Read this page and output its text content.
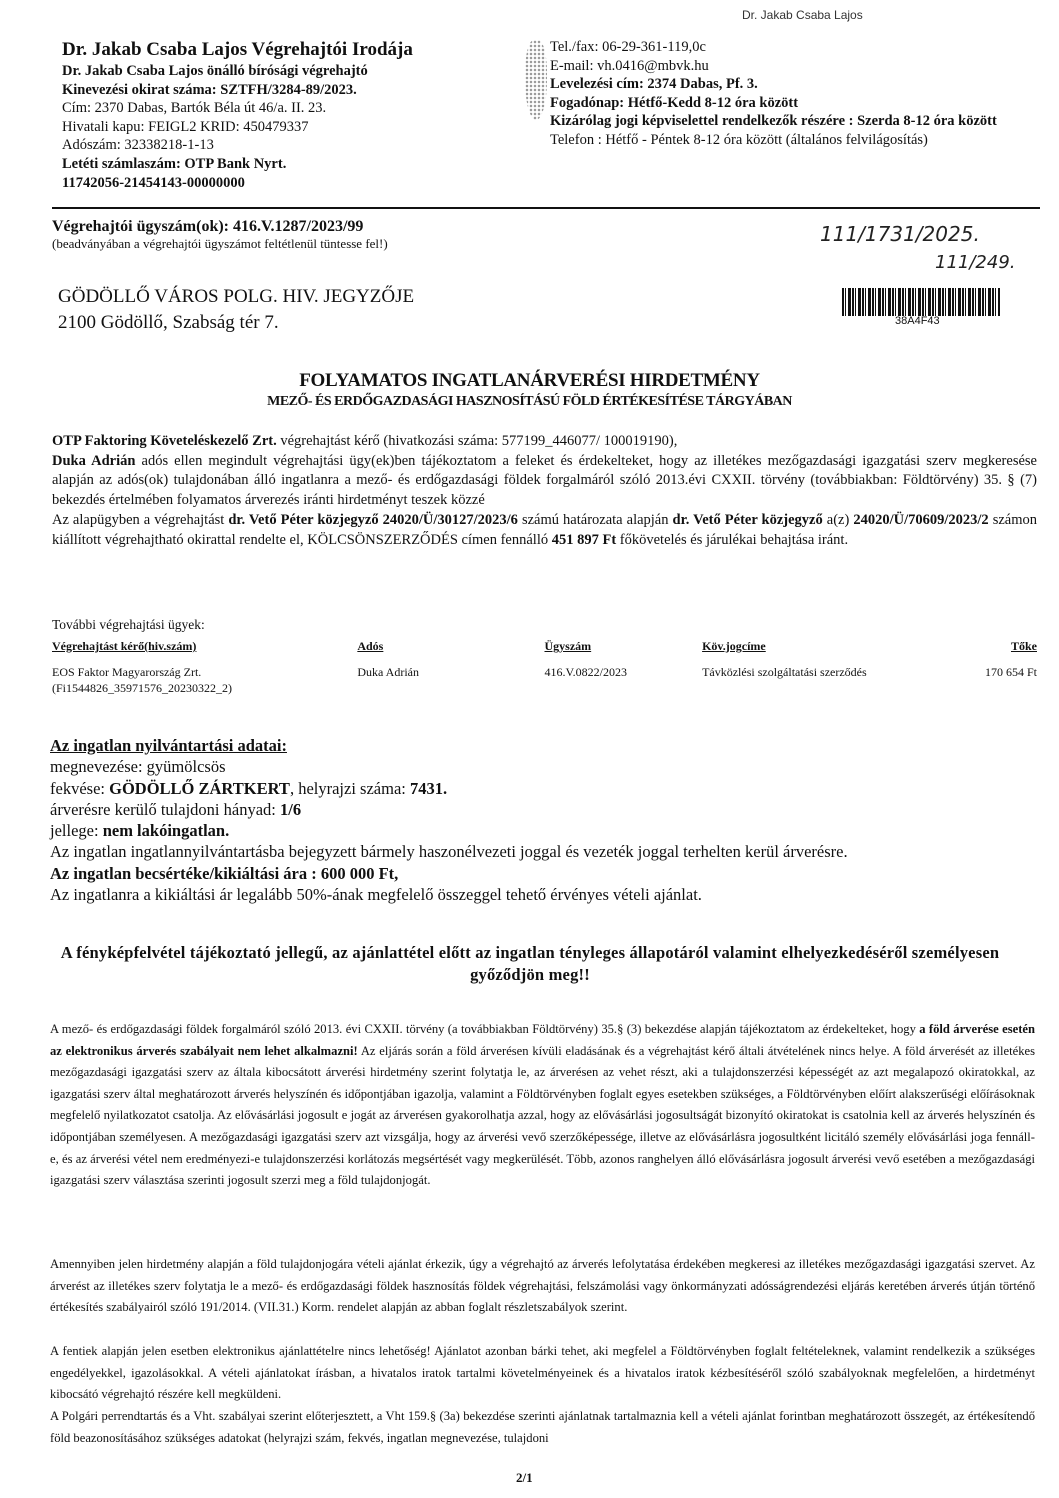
Dr. Jakab Csaba Lajos
Dr. Jakab Csaba Lajos Végrehajtói Irodája
Dr. Jakab Csaba Lajos önálló bírósági végrehajtó
Kinevezési okirat száma: SZTFH/3284-89/2023.
Cím: 2370 Dabas, Bartók Béla út 46/a. II. 23.
Hivatali kapu: FEIGL2 KRID: 450479337
Adószám: 32338218-1-13
Letéti számlaszám: OTP Bank Nyrt.
11742056-21454143-00000000
Tel./fax: 06-29-361-119,0c
E-mail: vh.0416@mbvk.hu
Levelezési cím: 2374 Dabas, Pf. 3.
Fogadónap: Hétfő-Kedd 8-12 óra között
Kizárólag jogi képviselettel rendelkezők részére : Szerda 8-12 óra között
Telefon : Hétfő - Péntek 8-12 óra között (általános felvilágosítás)
Végrehajtói ügyszám(ok): 416.V.1287/2023/99
(beadványában a végrehajtói ügyszámot feltétlenül tüntesse fel!)	111/1731/2025.
111/249.
38A4F43
GÖDÖLLŐ VÁROS POLG. HIV. JEGYZŐJE
2100 Gödöllő, Szabság tér 7.
FOLYAMATOS INGATLANÁRVERÉSI HIRDETMÉNY
MEZŐ- ÉS ERDŐGAZDASÁGI HASZNOSÍTÁSÚ FÖLD ÉRTÉKESÍTÉSE TÁRGYÁBAN
OTP Faktoring Követeléskezelő Zrt. végrehajtást kérő (hivatkozási száma: 577199_446077/ 100019190),
Duka Adrián adós ellen megindult végrehajtási ügy(ek)ben tájékoztatom a feleket és érdekelteket, hogy az illetékes mezőgazdasági igazgatási szerv megkeresése alapján az adós(ok) tulajdonában álló ingatlanra a mező- és erdőgazdasági földek forgalmáról szóló 2013.évi CXXII. törvény (továbbiakban: Földtörvény) 35. § (7) bekezdés értelmében folyamatos árverezés iránti hirdetményt teszek közzé
Az alapügyben a végrehajtást dr. Vető Péter közjegyző 24020/Ü/30127/2023/6 számú határozata alapján dr. Vető Péter közjegyző a(z) 24020/Ü/70609/2023/2 számon kiállított végrehajtható okirattal rendelte el, KÖLCSÖNSZERZŐDÉS címen fennálló 451 897 Ft főkövetelés és járulékai behajtása iránt.
További végrehajtási ügyek:
Végrehajtást kérő(hiv.szám)	Adós	Ügyszám	Köv.jogcíme	Tőke

EOS Faktor Magyarország Zrt.
(Fi1544826_35971576_20230322_2)	Duka Adrián	416.V.0822/2023	Távközlési szolgáltatási szerződés	170 654 Ft
Az ingatlan nyilvántartási adatai:
megnevezése: gyümölcsös
fekvése: GÖDÖLLŐ ZÁRTKERT, helyrajzi száma: 7431.
árverésre kerülő tulajdoni hányad: 1/6
jellege: nem lakóingatlan.
Az ingatlan ingatlannyilvántartásba bejegyzett bármely haszonélvezeti joggal és vezeték joggal terhelten kerül árverésre.
Az ingatlan becsértéke/kikiáltási ára : 600 000 Ft,
Az ingatlanra a kikiáltási ár legalább 50%-ának megfelelő összeggel tehető érvényes vételi ajánlat.
A fényképfelvétel tájékoztató jellegű, az ajánlattétel előtt az ingatlan tényleges állapotáról valamint elhelyezkedéséről személyesen győződjön meg!!
A mező- és erdőgazdasági földek forgalmáról szóló 2013. évi CXXII. törvény (a továbbiakban Földtörvény) 35.§ (3) bekezdése alapján tájékoztatom az érdekelteket, hogy a föld árverése esetén az elektronikus árverés szabályait nem lehet alkalmazni! Az eljárás során a föld árverésen kívüli eladásának és a végrehajtást kérő általi átvételének nincs helye. A föld árverését az illetékes mezőgazdasági igazgatási szerv az általa kibocsátott árverési hirdetmény szerint folytatja le, az árverésen az vehet részt, aki a tulajdonszerzési képességét az azt megalapozó okiratokkal, az igazgatási szerv által meghatározott árverés helyszínén és időpontjában igazolja, valamint a Földtörvényben foglalt egyes esetekben szükséges, a Földtörvényben előírt alakszerűségi előírásoknak megfelelő nyilatkozatot csatolja. Az elővásárlási jogosult e jogát az árverésen gyakorolhatja azzal, hogy az elővásárlási jogosultságát bizonyító okiratokat is csatolnia kell az árverés helyszínén és időpontjában személyesen. A mezőgazdasági igazgatási szerv azt vizsgálja, hogy az árverési vevő szerzőképessége, illetve az elővásárlásra jogosultként licitáló személy elővásárlási joga fennáll-e, és az árverési vétel nem eredményezi-e tulajdonszerzési korlátozás megsértését vagy megkerülését. Több, azonos ranghelyen álló elővásárlásra jogosult árverési vevő esetében a mezőgazdasági igazgatási szerv választása szerinti jogosult szerzi meg a föld tulajdonjogát.
Amennyiben jelen hirdetmény alapján a föld tulajdonjogára vételi ajánlat érkezik, úgy a végrehajtó az árverés lefolytatása érdekében megkeresi az illetékes mezőgazdasági igazgatási szervet. Az árverést az illetékes szerv folytatja le a mező- és erdőgazdasági földek hasznosítás földek végrehajtási, felszámolási vagy önkormányzati adósságrendezési eljárás keretében árverés útján történő értékesítés szabályairól szóló 191/2014. (VII.31.) Korm. rendelet alapján az abban foglalt részletszabályok szerint.
A fentiek alapján jelen esetben elektronikus ajánlattételre nincs lehetőség! Ajánlatot azonban bárki tehet, aki megfelel a Földtörvényben foglalt feltételeknek, valamint rendelkezik a szükséges engedélyekkel, igazolásokkal. A vételi ajánlatokat írásban, a hivatalos iratok tartalmi követelményeinek és a hivatalos iratok kézbesítéséről szóló szabályoknak megfelelően, a hirdetményt kibocsátó végrehajtó részére kell megküldeni.
A Polgári perrendtartás és a Vht. szabályai szerint előterjesztett, a Vht 159.§ (3a) bekezdése szerinti ajánlatnak tartalmaznia kell a vételi ajánlat forintban meghatározott összegét, az értékesítendő föld beazonosításához szükséges adatokat (helyrajzi szám, fekvés, ingatlan megnevezése, tulajdoni
2/1
